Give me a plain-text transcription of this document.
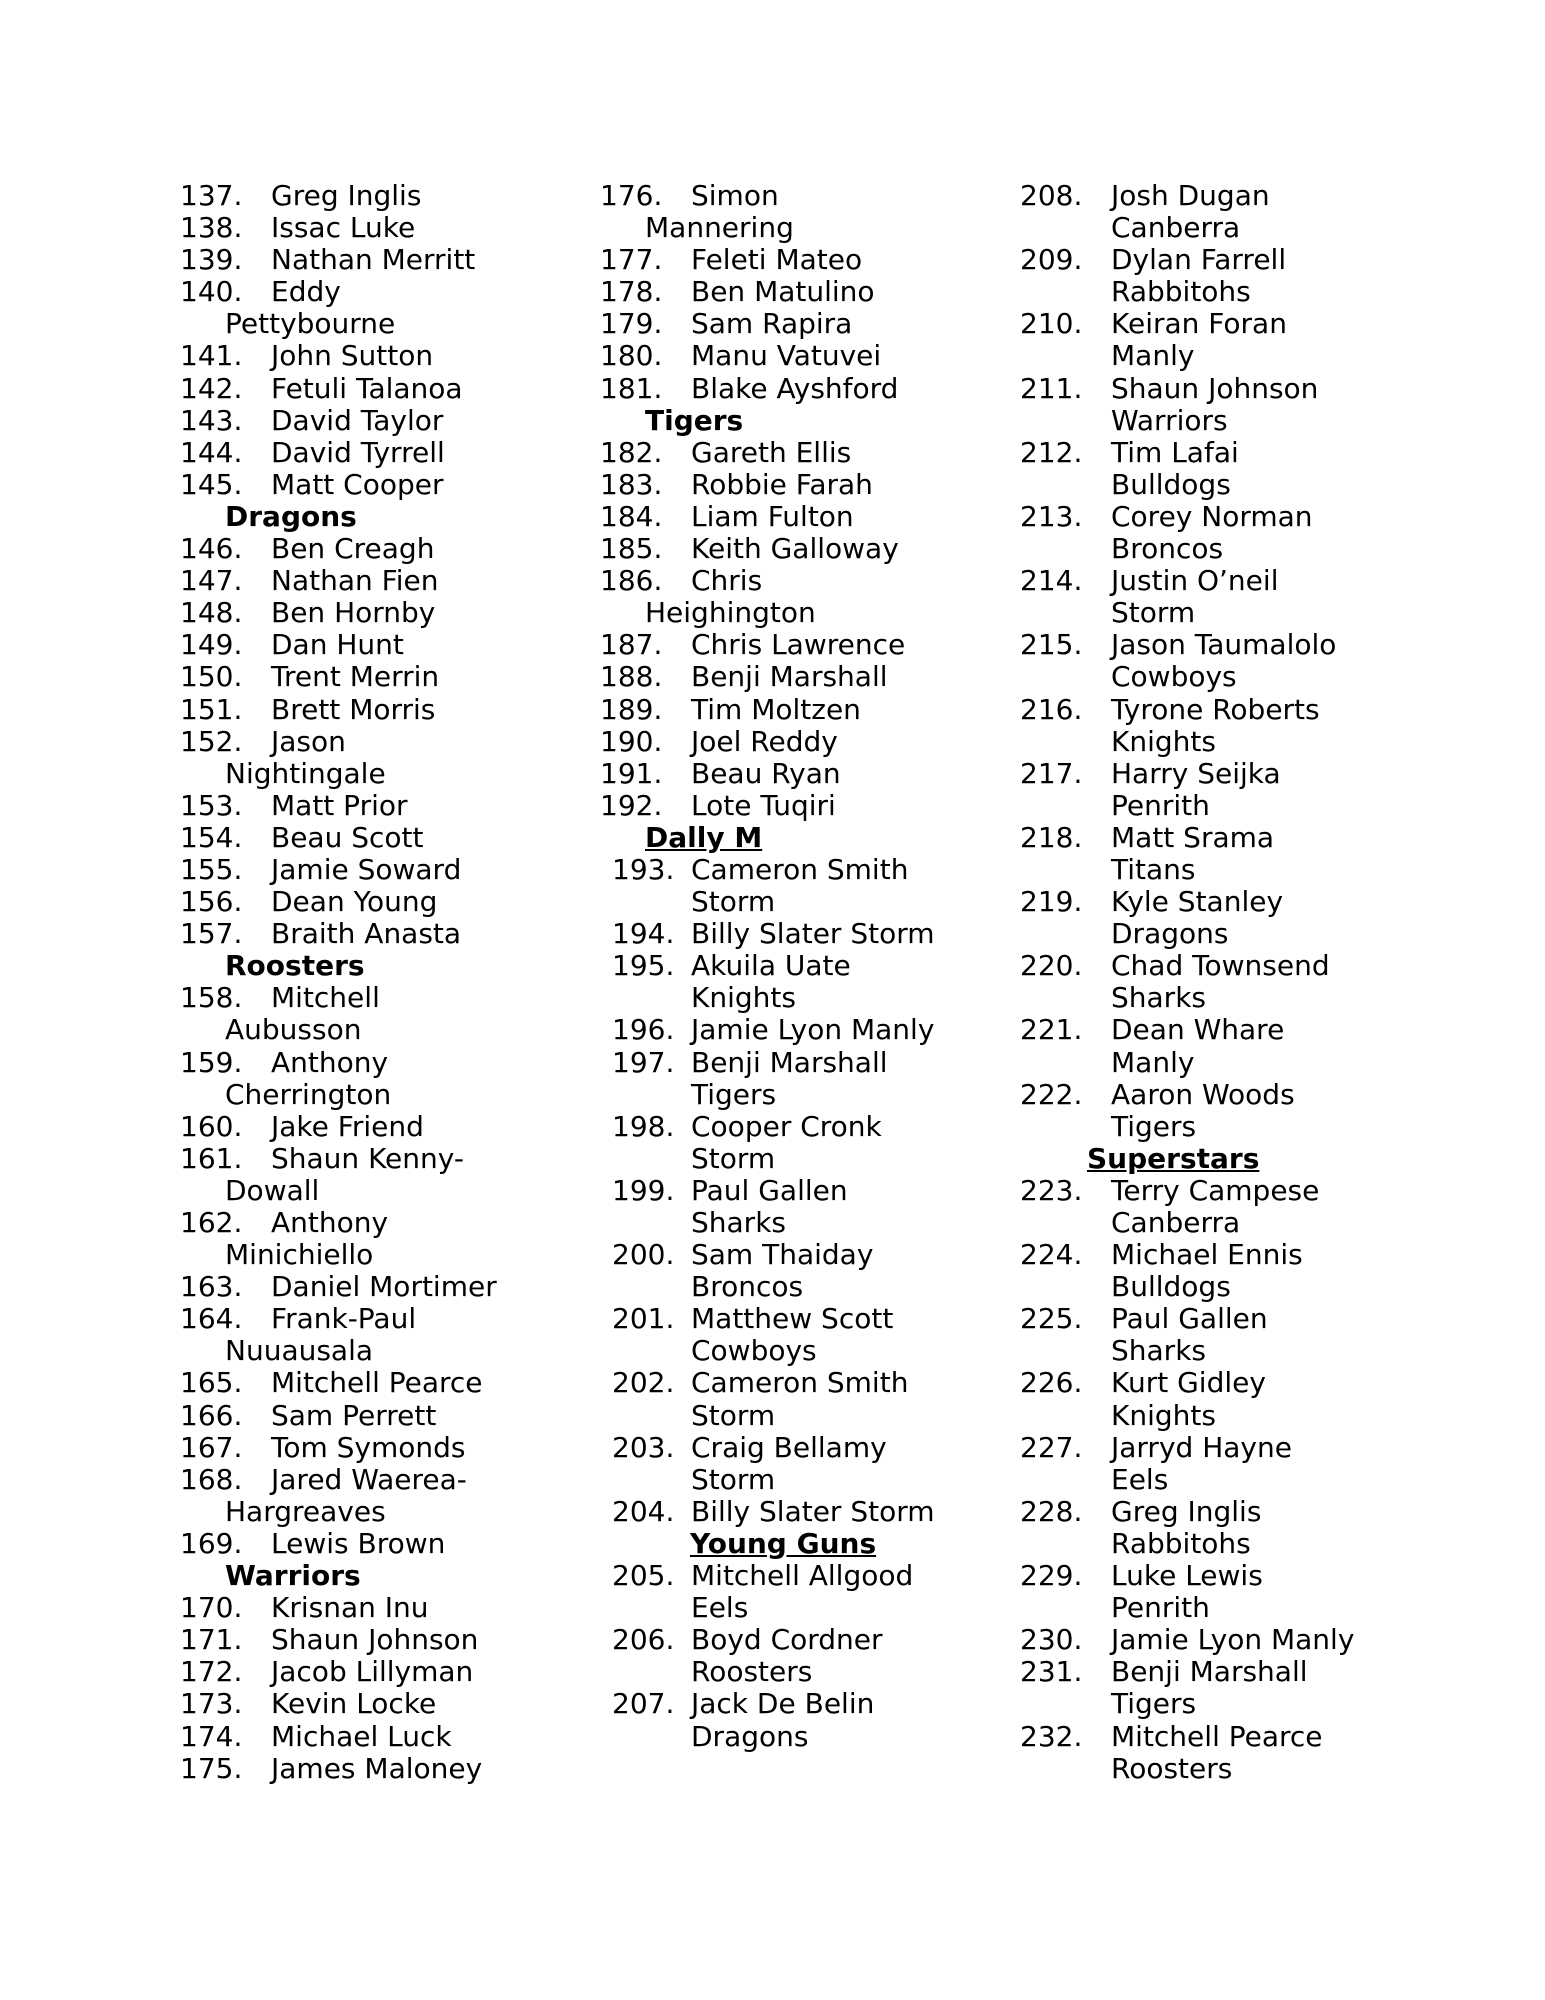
137. Greg Inglis
138. Issac Luke
139. Nathan Merritt
140. Eddy
Pettybourne
141. John Sutton
142. Fetuli Talanoa
143. David Taylor
144. David Tyrrell
145. Matt Cooper
Dragons
146. Ben Creagh
147. Nathan Fien
148. Ben Hornby
149. Dan Hunt
150. Trent Merrin
151. Brett Morris
152. Jason
Nightingale
153. Matt Prior
154. Beau Scott
155. Jamie Soward
156. Dean Young
157. Braith Anasta
Roosters
158. Mitchell
Aubusson
159. Anthony
Cherrington
160. Jake Friend
161. Shaun Kenny-
Dowall
162. Anthony
Minichiello
163. Daniel Mortimer
164. Frank-Paul
Nuuausala
165. Mitchell Pearce
166. Sam Perrett
167. Tom Symonds
168. Jared Waerea-
Hargreaves
169. Lewis Brown
Warriors
170. Krisnan Inu
171. Shaun Johnson
172. Jacob Lillyman
173. Kevin Locke
174. Michael Luck
175. James Maloney
176. Simon
Mannering
177. Feleti Mateo
178. Ben Matulino
179. Sam Rapira
180. Manu Vatuvei
181. Blake Ayshford
Tigers
182. Gareth Ellis
183. Robbie Farah
184. Liam Fulton
185. Keith Galloway
186. Chris
Heighington
187. Chris Lawrence
188. Benji Marshall
189. Tim Moltzen
190. Joel Reddy
191. Beau Ryan
192. Lote Tuqiri
Dally M
193. Cameron Smith
Storm
194. Billy Slater Storm
195. Akuila Uate
Knights
196. Jamie Lyon Manly
197. Benji Marshall
Tigers
198. Cooper Cronk
Storm
199. Paul Gallen
Sharks
200. Sam Thaiday
Broncos
201. Matthew Scott
Cowboys
202. Cameron Smith
Storm
203. Craig Bellamy
Storm
204. Billy Slater Storm
Young Guns
205. Mitchell Allgood
Eels
206. Boyd Cordner
Roosters
207. Jack De Belin
Dragons
208. Josh Dugan
Canberra
209. Dylan Farrell
Rabbitohs
210. Keiran Foran
Manly
211. Shaun Johnson
Warriors
212. Tim Lafai
Bulldogs
213. Corey Norman
Broncos
214. Justin O’neil
Storm
215. Jason Taumalolo
Cowboys
216. Tyrone Roberts
Knights
217. Harry Seijka
Penrith
218. Matt Srama
Titans
219. Kyle Stanley
Dragons
220. Chad Townsend
Sharks
221. Dean Whare
Manly
222. Aaron Woods
Tigers
Superstars
223. Terry Campese
Canberra
224. Michael Ennis
Bulldogs
225. Paul Gallen
Sharks
226. Kurt Gidley
Knights
227. Jarryd Hayne
Eels
228. Greg Inglis
Rabbitohs
229. Luke Lewis
Penrith
230. Jamie Lyon Manly
231. Benji Marshall
Tigers
232. Mitchell Pearce
Roosters
